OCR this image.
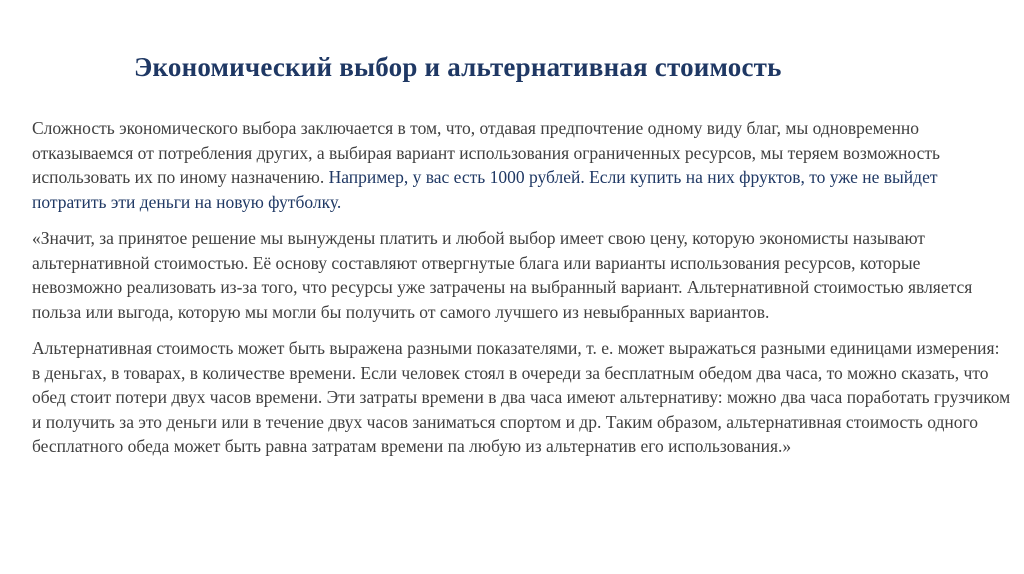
Экономический выбор и альтернативная стоимость

Сложность экономического выбора заключается в том, что, отдавая предпочтение одному виду благ, мы одновременно отказываемся от потребления других, а выбирая вариант использования ограниченных ресурсов, мы теряем возможность использовать их по иному назначению. Например, у вас есть 1000 рублей. Если купить на них фруктов, то уже не выйдет потратить эти деньги на новую футболку.

«Значит, за принятое решение мы вынуждены платить и любой выбор имеет свою цену, которую экономисты называют альтернативной стоимостью. Её основу составляют отвергнутые блага или варианты использования ресурсов, которые невозможно реализовать из-за того, что ресурсы уже затрачены на выбранный вариант. Альтернативной стоимостью является польза или выгода, которую мы могли бы получить от самого лучшего из невыбранных вариантов.

Альтернативная стоимость может быть выражена разными показателями, т. е. может выражаться разными единицами измерения: в деньгах, в товарах, в количестве времени. Если человек стоял в очереди за бесплатным обедом два часа, то можно сказать, что обед стоит потери двух часов времени. Эти затраты времени в два часа имеют альтернативу: можно два часа поработать грузчиком и получить за это деньги или в течение двух часов заниматься спортом и др. Таким образом, альтернативная стоимость одного бесплатного обеда может быть равна затратам времени па любую из альтернатив его использования.»
